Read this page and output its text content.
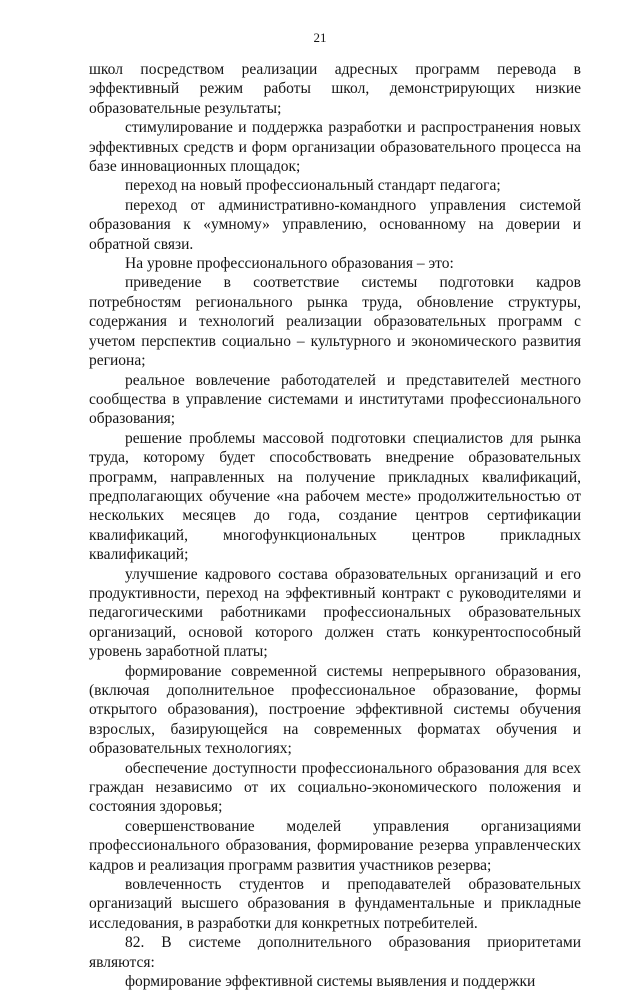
21

школ посредством реализации адресных программ перевода в эффективный режим работы школ, демонстрирующих низкие образовательные результаты;

стимулирование и поддержка разработки и распространения новых эффективных средств и форм организации образовательного процесса на базе инновационных площадок;

переход на новый профессиональный стандарт педагога;

переход от административно-командного управления системой образования к «умному» управлению, основанному на доверии и обратной связи.

На уровне профессионального образования – это:

приведение в соответствие системы подготовки кадров потребностям регионального рынка труда, обновление структуры, содержания и технологий реализации образовательных программ с учетом перспектив социально – культурного и экономического развития региона;

реальное вовлечение работодателей и представителей местного сообщества в управление системами и институтами профессионального образования;

решение проблемы массовой подготовки специалистов для рынка труда, которому будет способствовать внедрение образовательных программ, направленных на получение прикладных квалификаций, предполагающих обучение «на рабочем месте» продолжительностью от нескольких месяцев до года, создание центров сертификации квалификаций, многофункциональных центров прикладных квалификаций;

улучшение кадрового состава образовательных организаций и его продуктивности, переход на эффективный контракт с руководителями и педагогическими работниками профессиональных образовательных организаций, основой которого должен стать конкурентоспособный уровень заработной платы;

формирование современной системы непрерывного образования, (включая дополнительное профессиональное образование, формы открытого образования), построение эффективной системы обучения взрослых, базирующейся на современных форматах обучения и образовательных технологиях;

обеспечение доступности профессионального образования для всех граждан независимо от их социально-экономического положения и состояния здоровья;

совершенствование моделей управления организациями профессионального образования, формирование резерва управленческих кадров и реализация программ развития участников резерва;

вовлеченность студентов и преподавателей образовательных организаций высшего образования в фундаментальные и прикладные исследования, в разработки для конкретных потребителей.

82. В системе дополнительного образования приоритетами являются:

формирование эффективной системы выявления и поддержки
